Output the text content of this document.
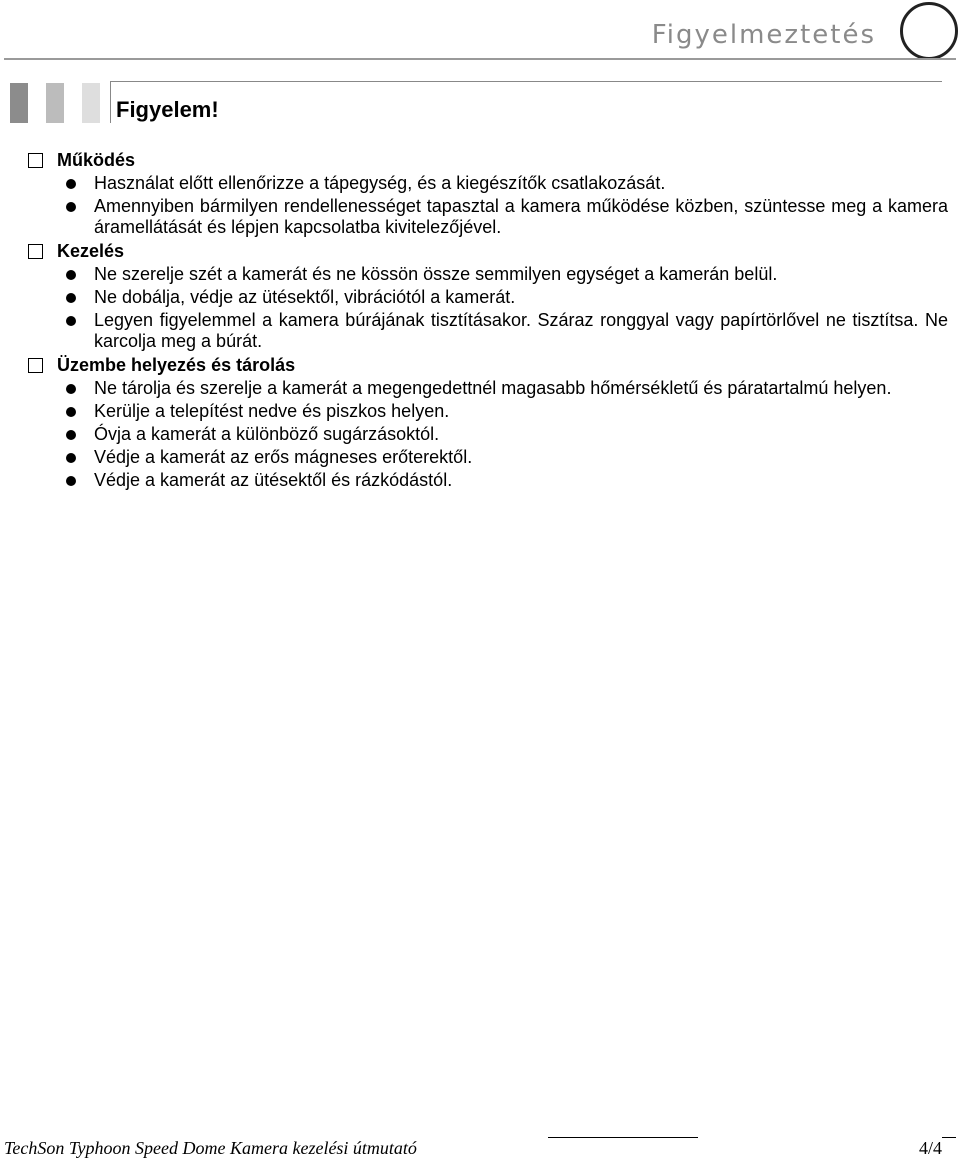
Figyelmeztetés
Figyelem!
Működés
Használat előtt ellenőrizze a tápegység, és a kiegészítők csatlakozását.
Amennyiben bármilyen rendellenességet tapasztal a kamera működése közben, szüntesse meg a kamera áramellátását és lépjen kapcsolatba kivitelezőjével.
Kezelés
Ne szerelje szét a kamerát és ne kössön össze semmilyen egységet a kamerán belül.
Ne dobálja, védje az ütésektől, vibrációtól a kamerát.
Legyen figyelemmel a kamera búrájának tisztításakor. Száraz ronggyal vagy papírtörlővel ne tisztítsa. Ne karcolja meg a búrát.
Üzembe helyezés és tárolás
Ne tárolja és szerelje a kamerát a megengedettnél magasabb hőmérsékletű és páratartalmú helyen.
Kerülje a telepítést nedve és piszkos helyen.
Óvja a kamerát a különböző sugárzásoktól.
Védje a kamerát az erős mágneses erőterektől.
Védje a kamerát az ütésektől és rázkódástól.
TechSon Typhoon Speed Dome Kamera kezelési útmutató	4/4
